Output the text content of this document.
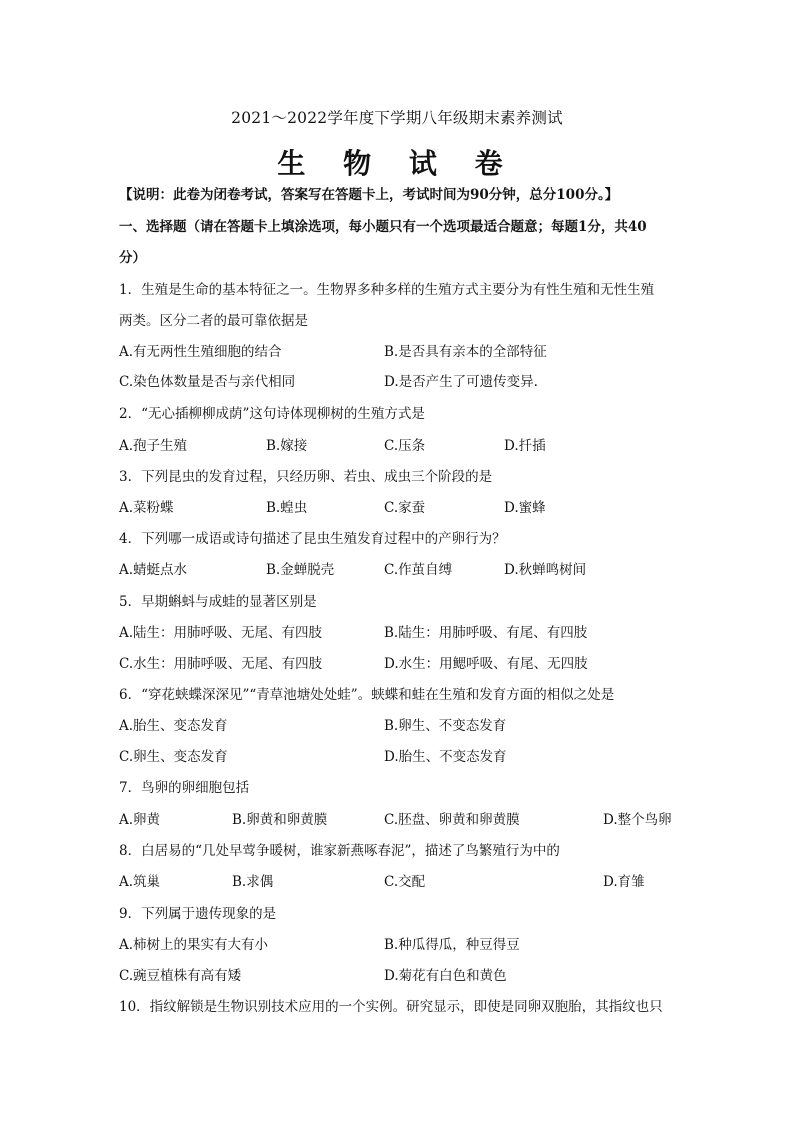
2021～2022学年度下学期八年级期末素养测试
生 物 试 卷
【说明：此卷为闭卷考试，答案写在答题卡上，考试时间为90分钟，总分100分。】
一、选择题（请在答题卡上填涂选项，每小题只有一个选项最适合题意；每题1分，共40
分）
1．生殖是生命的基本特征之一。生物界多种多样的生殖方式主要分为有性生殖和无性生殖
两类。区分二者的最可靠依据是
A.有无两性生殖细胞的结合	B.是否具有亲本的全部特征
C.染色体数量是否与亲代相同	D.是否产生了可遗传变异.
2．“无心插柳柳成荫”这句诗体现柳树的生殖方式是
A.孢子生殖	B.嫁接	C.压条	D.扦插
3．下列昆虫的发育过程，只经历卵、若虫、成虫三个阶段的是
A.菜粉蝶	B.蝗虫	C.家蚕	D.蜜蜂
4．下列哪一成语或诗句描述了昆虫生殖发育过程中的产卵行为？
A.蜻蜓点水	B.金蝉脱壳	C.作茧自缚	D.秋蝉鸣树间
5．早期蝌蚪与成蛙的显著区别是
A.陆生：用肺呼吸、无尾、有四肢	B.陆生：用肺呼吸、有尾、有四肢
C.水生：用肺呼吸、无尾、有四肢	D.水生：用鳃呼吸、有尾、无四肢
6．“穿花蛱蝶深深见”“青草池塘处处蛙”。蛱蝶和蛙在生殖和发育方面的相似之处是
A.胎生、变态发育	B.卵生、不变态发育
C.卵生、变态发育	D.胎生、不变态发育
7．鸟卵的卵细胞包括
A.卵黄	B.卵黄和卵黄膜	C.胚盘、卵黄和卵黄膜	D.整个鸟卵
8．白居易的“几处早莺争暖树，谁家新燕啄春泥”，描述了鸟繁殖行为中的
A.筑巢	B.求偶	C.交配	D.育雏
9．下列属于遗传现象的是
A.柿树上的果实有大有小	B.种瓜得瓜，种豆得豆
C.豌豆植株有高有矮	D.菊花有白色和黄色
10．指纹解锁是生物识别技术应用的一个实例。研究显示，即使是同卵双胞胎，其指纹也只
